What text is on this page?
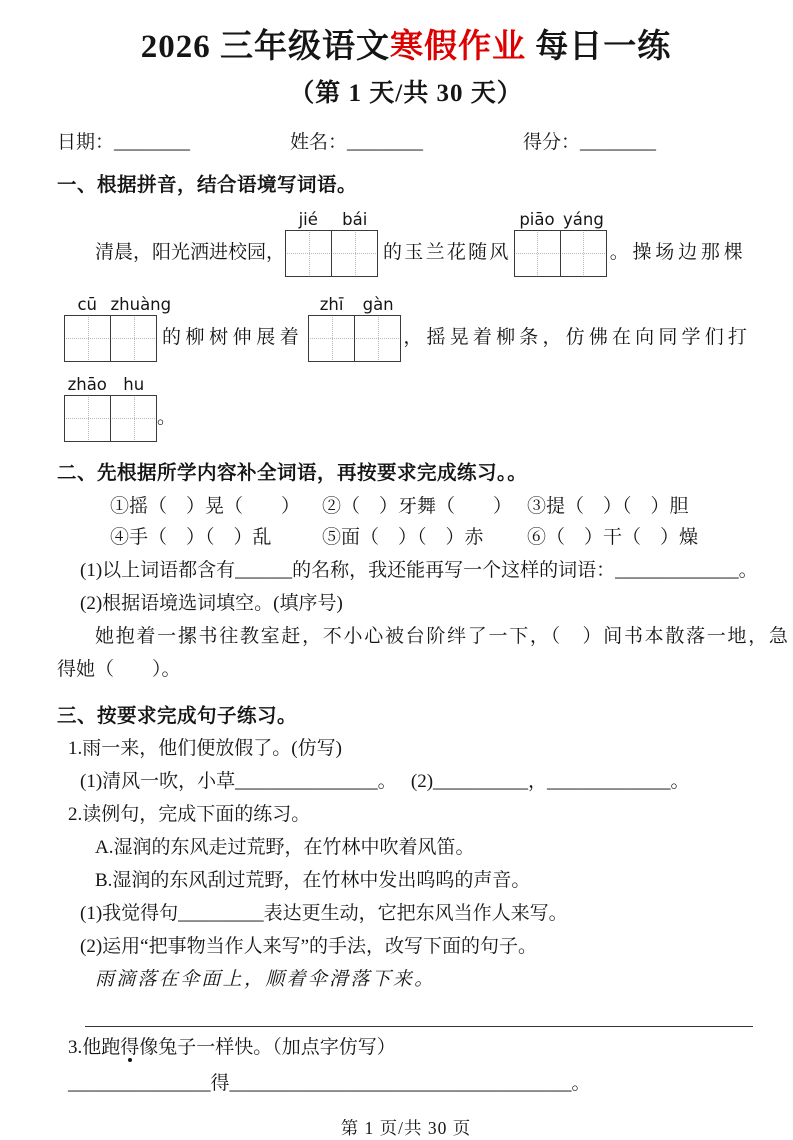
2026 三年级语文寒假作业 每日一练
（第 1 天/共 30 天）
日期：________	姓名：________	得分：________
一、根据拼音，结合语境写词语。
清晨，阳光洒进校园，
jié	bái
的玉兰花随风
piāo yáng
。操场边那棵
cū zhuàng
的柳树伸展着
zhī	gàn
，摇晃着柳条，仿佛在向同学们打
zhāo hu
。
二、先根据所学内容补全词语，再按要求完成练习。。
①摇（　）晃（　　）	②（　）牙舞（　　） ③提（　）（　）胆
④手（　）（　）乱	⑤面（　）（　）赤	⑥（　）干（　）燥
(1)以上词语都含有______的名称，我还能再写一个这样的词语：_____________。
(2)根据语境选词填空。(填序号)
她抱着一摞书往教室赶，不小心被台阶绊了一下，（　）间书本散落一地，急
得她（　　）。
三、按要求完成句子练习。
1.雨一来，他们便放假了。(仿写)
(1)清风一吹，小草_______________。　 (2)__________，_____________。
2.读例句，完成下面的练习。
A.湿润的东风走过荒野，在竹林中吹着风笛。
B.湿润的东风刮过荒野，在竹林中发出呜呜的声音。
(1)我觉得句_________表达更生动，它把东风当作人来写。
(2)运用“把事物当作人来写”的手法，改写下面的句子。
雨滴落在伞面上，顺着伞滑落下来。
3.他跑得像兔子一样快。（加点字仿写）
_______________得____________________________________。
第 1 页/共 30 页
